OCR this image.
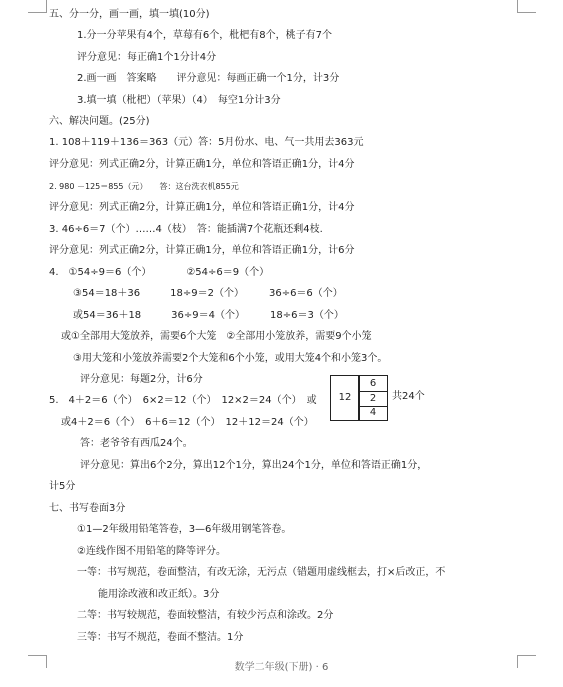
五、分一分，画一画，填一填(10分)
1.分一分苹果有4个，草莓有6个，枇杷有8个，桃子有7个
评分意见：每正确1个1分计4分
2.画一画　答案略　　评分意见：每画正确一个1分，计3分
3.填一填（枇杷）（苹果）（4）　每空1分计3分
六、解决问题。(25分)
1. 108＋119＋136＝363（元）答：5月份水、电、气一共用去363元
评分意见：列式正确2分，计算正确1分，单位和答语正确1分，计4分
2. 980 －125＝855（元）　　答：这台洗衣机855元
评分意见：列式正确2分，计算正确1分，单位和答语正确1分，计4分
3. 46÷6＝7（个）……4（枝）　答：能插满7个花瓶还剩4枝.
评分意见：列式正确2分，计算正确1分，单位和答语正确1分，计6分
4.　①54÷9＝6（个）　　　　②54÷6＝9（个）
③54＝18＋36　　　18÷9＝2（个）　　　36÷6＝6（个）
或54＝36＋18　　　36÷9＝4（个）　　　18÷6＝3（个）
或①全部用大笼放养，需要6个大笼　②全部用小笼放养，需要9个小笼
③用大笼和小笼放养需要2个大笼和6个小笼，或用大笼4个和小笼3个。
评分意见：每题2分，计6分
5.　4＋2＝6（个）　6×2＝12（个）　12×2＝24（个）　或
或4＋2＝6（个）　6＋6＝12（个）　12＋12＝24（个）
答：老爷爷有西瓜24个。
评分意见：算出6个2分，算出12个1分，算出24个1分，单位和答语正确1分，
计5分
七、书写卷面3分
①1—2年级用铅笔答卷，3—6年级用钢笔答卷。
②连线作图不用铅笔的降等评分。
一等：书写规范，卷面整洁，有改无涂，无污点（错题用虚线框去，打×后改正，不
能用涂改液和改正纸）。3分
二等：书写较规范，卷面较整洁，有较少污点和涂改。2分
三等：书写不规范，卷面不整洁。1分
12
6
2
4
共24个
数学二年级(下册) · 6
